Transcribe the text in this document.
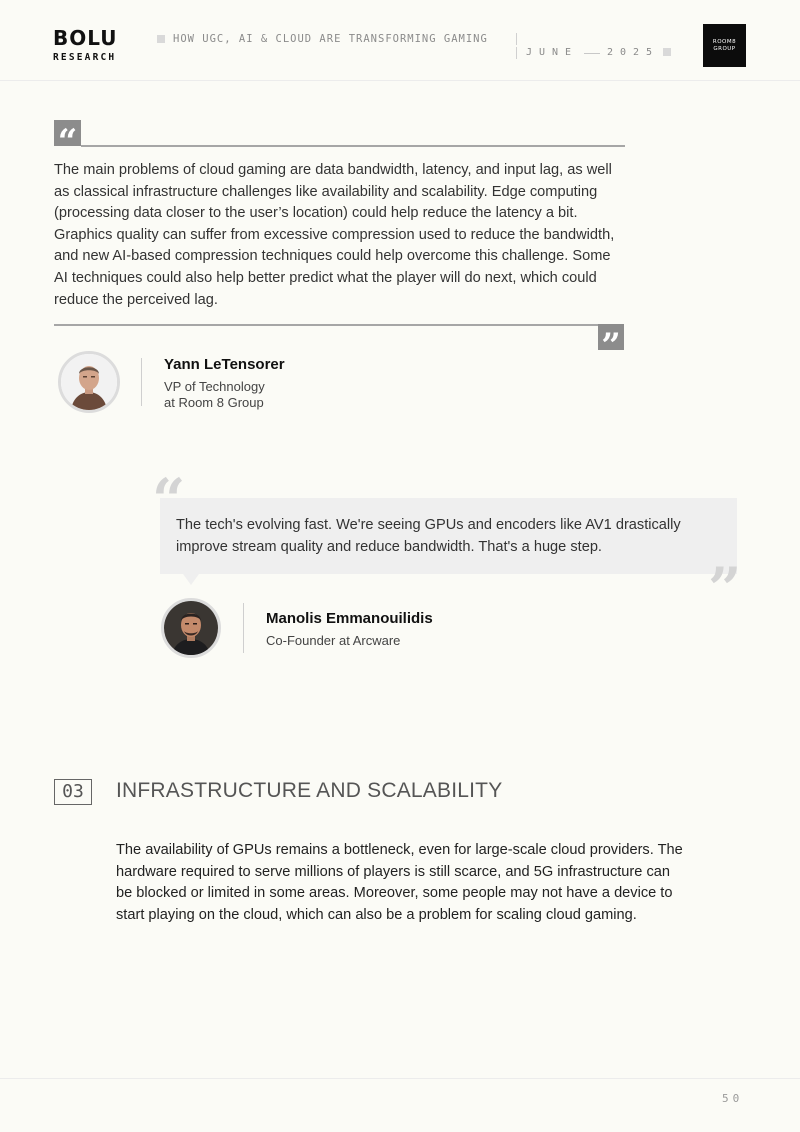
BOLU
RESEARCH
HOW UGC, AI & CLOUD ARE TRANSFORMING GAMING
JUNE	2025
ROOM8
GROUP
“
The main problems of cloud gaming are data bandwidth, latency, and input lag, as well as classical infrastructure challenges like availability and scalability. Edge computing (processing data closer to the user’s location) could help reduce the latency a bit. Graphics quality can suffer from excessive compression used to reduce the bandwidth, and new AI-based compression techniques could help overcome this challenge. Some AI techniques could also help better predict what the player will do next, which could reduce the perceived lag.
”
Yann LeTensorer
VP of Technology
at Room 8 Group
“
The tech's evolving fast. We're seeing GPUs and encoders like AV1 drastically improve stream quality and reduce bandwidth. That's a huge step.
”
Manolis Emmanouilidis
Co-Founder at Arcware
03	INFRASTRUCTURE AND SCALABILITY
The availability of GPUs remains a bottleneck, even for large-scale cloud providers. The hardware required to serve millions of players is still scarce, and 5G infrastructure can be blocked or limited in some areas. Moreover, some people may not have a device to start playing on the cloud, which can also be a problem for scaling cloud gaming.
50
